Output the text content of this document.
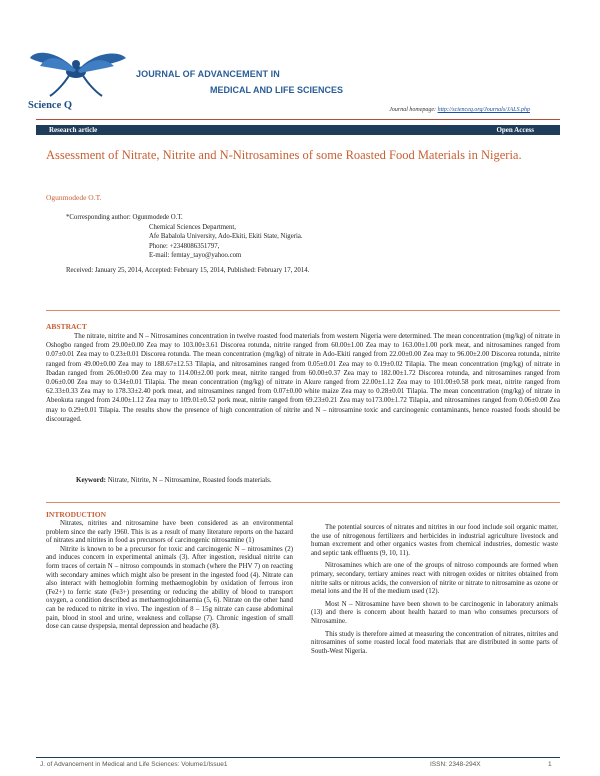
Science Q
JOURNAL OF ADVANCEMENT IN
MEDICAL AND LIFE SCIENCES
Journal homepage: http://scienceq.org/Journals/JALS.php
Research article	Open Access
Assessment of Nitrate, Nitrite and N-Nitrosamines of some Roasted Food Materials in Nigeria.
Ogunmodede O.T.
*Corresponding author: Ogunmodede O.T.
Chemical Sciences Department,
Afe Babalola University, Ado-Ekiti, Ekiti State, Nigeria.
Phone: +2348086351797,
E-mail: femtay_tayo@yahoo.com
Received: January 25, 2014, Accepted: February 15, 2014, Published: February 17, 2014.
ABSTRACT
The nitrate, nitrite and N – Nitrosamines concentration in twelve roasted food materials from western Nigeria were determined. The mean concentration (mg/kg) of nitrate in Oshogbo ranged from 29.00±0.00 Zea may to 103.00±3.61 Discorea rotunda, nitrite ranged from 60.00±1.00 Zea may to 163.00±1.00 pork meat, and nitrosamines ranged from 0.07±0.01 Zea may to 0.23±0.01 Discorea rotunda. The mean concentration (mg/kg) of nitrate in Ado-Ekiti ranged from 22.00±0.00 Zea may to 96.00±2.00 Discorea rotunda, nitrite ranged from 49.00±0.00 Zea may to 188.67±12.53 Tilapia, and nitrosamines ranged from 0.05±0.01 Zea may to 0.19±0.02 Tilapia. The mean concentration (mg/kg) of nitrate in Ibadan ranged from 26.00±0.00 Zea may to 114.00±2.00 pork meat, nitrite ranged from 60.00±0.37 Zea may to 182.00±1.72 Discorea rotunda, and nitrosamines ranged from 0.06±0.00 Zea may to 0.34±0.01 Tilapia. The mean concentration (mg/kg) of nitrate in Akure ranged from 22.00±1.12 Zea may to 101.00±0.58 pork meat, nitrite ranged from 62.33±0.33 Zea may to 178.33±2.40 pork meat, and nitrosamines ranged from 0.07±0.00 white maize Zea may to 0.28±0.01 Tilapia. The mean concentration (mg/kg) of nitrate in Abeokuta ranged from 24.00±1.12 Zea may to 109.01±0.52 pork meat, nitrite ranged from 69.23±0.21 Zea may to173.00±1.72 Tilapia, and nitrosamines ranged from 0.06±0.00 Zea may to 0.29±0.01 Tilapia. The results show the presence of high concentration of nitrite and N – nitrosamine toxic and carcinogenic contaminants, hence roasted foods should be discouraged.
Keyword: Nitrate, Nitrite, N – Nitrosamine, Roasted foods materials.
INTRODUCTION

Nitrates, nitrites and nitrosamine have been considered as an environmental problem since the early 1960. This is as a result of many literature reports on the hazard of nitrates and nitrites in food as precursors of carcinogenic nitrosamine (1)

Nitrite is known to be a precursor for toxic and carcinogenic N – nitrosamines (2) and induces concern in experimental animals (3). After ingestion, residual nitrite can form traces of certain N – nitroso compounds in stomach (where the PHV 7) on reacting with secondary amines which might also be present in the ingested food (4). Nitrate can also interact with hemoglobin forming methaemoglobin by oxidation of ferrous iron (Fe2+) to ferric state (Fe3+) presenting or reducing the ability of blood to transport oxygen, a condition described as methaemoglobinaemia (5, 6). Nitrate on the other hand can be reduced to nitrite in vivo. The ingestion of 8 – 15g nitrate can cause abdominal pain, blood in stool and urine, weakness and collapse (7). Chronic ingestion of small dose can cause dyspepsia, mental depression and headache (8).

The potential sources of nitrates and nitrites in our food include soil organic matter, the use of nitrogenous fertilizers and herbicides in industrial agriculture livestock and human excrement and other organics wastes from chemical industries, domestic waste and septic tank effluents (9, 10, 11).

Nitrosamines which are one of the groups of nitroso compounds are formed when primary, secondary, tertiary amines react with nitrogen oxides or nitrites obtained from nitrite salts or nitrous acids, the conversion of nitrite or nitrate to nitrosamine as ozone or metal ions and the H of the medium used (12).

Most N – Nitrosamine have been shown to be carcinogenic in laboratory animals (13) and there is concern about health hazard to man who consumes precursors of Nitrosamine.

This study is therefore aimed at measuring the concentration of nitrates, nitrites and nitrosamines of some roasted local food materials that are distributed in some parts of South-West Nigeria.

J. of Advancement in Medical and Life Sciences: Volume1/Issue1	ISSN: 2348-294X	1
